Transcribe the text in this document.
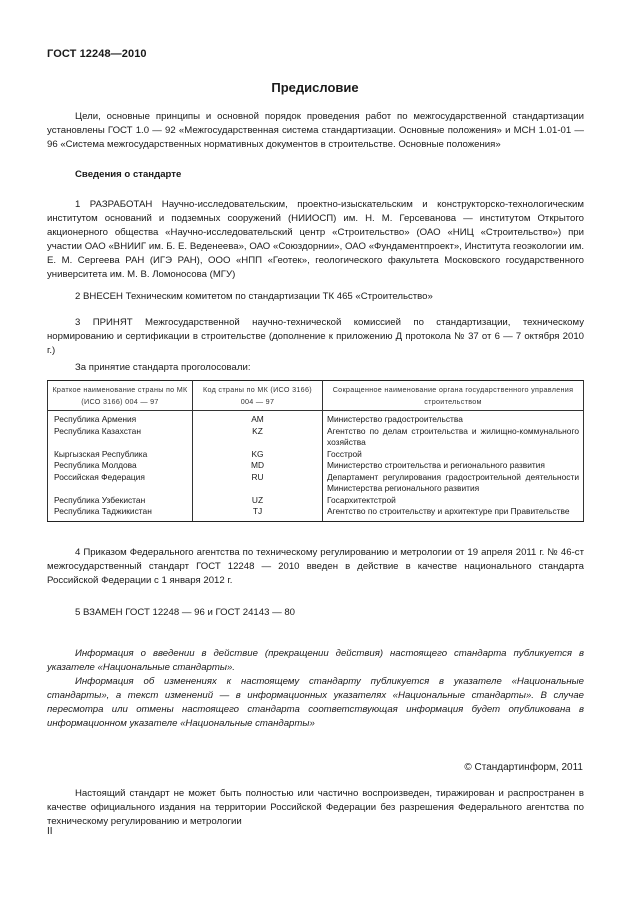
ГОСТ 12248—2010
Предисловие

Цели, основные принципы и основной порядок проведения работ по межгосударственной стандартизации установлены ГОСТ 1.0 — 92 «Межгосударственная система стандартизации. Основные положения» и МСН 1.01-01 — 96 «Система межгосударственных нормативных документов в строительстве. Основные положения»

Сведения о стандарте

1 РАЗРАБОТАН Научно-исследовательским, проектно-изыскательским и конструкторско-технологическим институтом оснований и подземных сооружений (НИИОСП) им. Н. М. Герсеванова — институтом Открытого акционерного общества «Научно-исследовательский центр «Строительство» (ОАО «НИЦ «Строительство») при участии ОАО «ВНИИГ им. Б. Е. Веденеева», ОАО «Союздорнии», ОАО «Фундаментпроект», Института геоэкологии им. Е. М. Сергеева РАН (ИГЭ РАН), ООО «НПП «Геотек», геологического факультета Московского государственного университета им. М. В. Ломоносова (МГУ)

2 ВНЕСЕН Техническим комитетом по стандартизации ТК 465 «Строительство»

3 ПРИНЯТ Межгосударственной научно-технической комиссией по стандартизации, техническому нормированию и сертификации в строительстве (дополнение к приложению Д протокола № 37 от 6 — 7 октября 2010 г.)

За принятие стандарта проголосовали:

Краткое наименование страны по МК (ИСО 3166) 004 — 97	Код страны по МК (ИСО 3166) 004 — 97	Сокращенное наименование органа государственного управления строительством
Республика Армения	AM	Министерство градостроительства
Республика Казахстан	KZ	Агентство по делам строительства и жилищно-коммунального хозяйства
Кыргызская Республика	KG	Госстрой
Республика Молдова	MD	Министерство строительства и регионального развития
Российская Федерация	RU	Департамент регулирования градостроительной деятельности Министерства регионального развития
Республика Узбекистан	UZ	Госархитектстрой
Республика Таджикистан	TJ	Агентство по строительству и архитектуре при Правительстве

4 Приказом Федерального агентства по техническому регулированию и метрологии от 19 апреля 2011 г. № 46-ст межгосударственный стандарт ГОСТ 12248 — 2010 введен в действие в качестве национального стандарта Российской Федерации с 1 января 2012 г.

5 ВЗАМЕН ГОСТ 12248 — 96 и ГОСТ 24143 — 80

Информация о введении в действие (прекращении действия) настоящего стандарта публикуется в указателе «Национальные стандарты».

Информация об изменениях к настоящему стандарту публикуется в указателе «Национальные стандарты», а текст изменений — в информационных указателях «Национальные стандарты». В случае пересмотра или отмены настоящего стандарта соответствующая информация будет опубликована в информационном указателе «Национальные стандарты»

© Стандартинформ, 2011

Настоящий стандарт не может быть полностью или частично воспроизведен, тиражирован и распространен в качестве официального издания на территории Российской Федерации без разрешения Федерального агентства по техническому регулированию и метрологии

II
